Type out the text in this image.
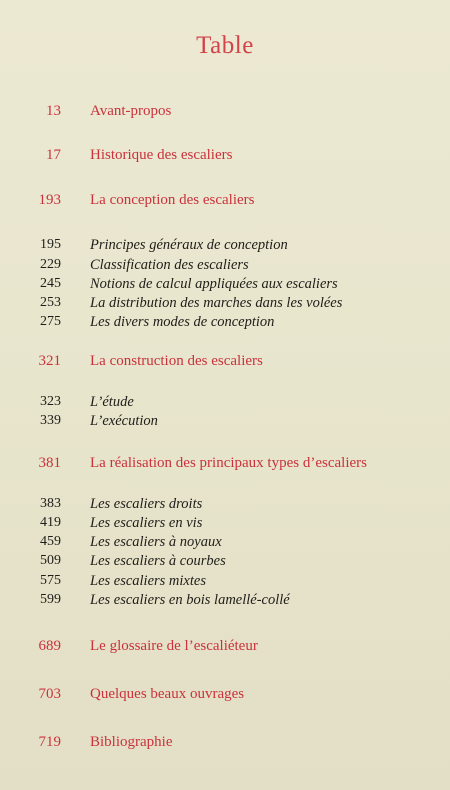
Table
13 Avant-propos
17 Historique des escaliers
193 La conception des escaliers
195 Principes généraux de conception
229 Classification des escaliers
245 Notions de calcul appliquées aux escaliers
253 La distribution des marches dans les volées
275 Les divers modes de conception
321 La construction des escaliers
323 L’étude
339 L’exécution
381 La réalisation des principaux types d’escaliers
383 Les escaliers droits
419 Les escaliers en vis
459 Les escaliers à noyaux
509 Les escaliers à courbes
575 Les escaliers mixtes
599 Les escaliers en bois lamellé-collé
689 Le glossaire de l’escaliéteur
703 Quelques beaux ouvrages
719 Bibliographie
